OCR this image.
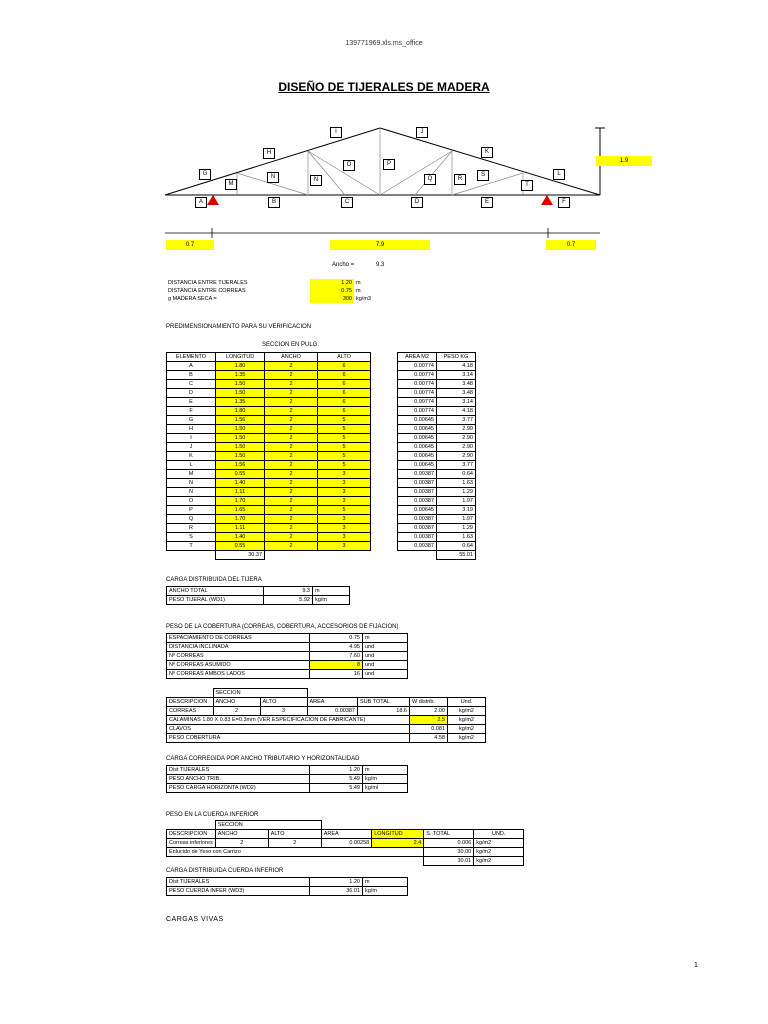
139771969.xls.ms_office
DISEÑO DE TIJERALES DE MADERA
I	J
H	K
O	P
G	L
M
N	N	Q	R
S
T
A	B	C	D	E	F
1.9
0.7	7.9	0.7
Ancho =	9.3
DISTANCIA ENTRE TIJERALES	1.20	m
DISTANCIA ENTRE CORREAS	0.75	m
g MADERA SECA =	300	kg/m3
PREDIMENSIONAMIENTO PARA SU VERIFICACION
SECCION EN PULG.
ELEMENTO	LONGITUD	ANCHO	ALTO		AREA M2	PESO KG
A	1.80	2	6		0.00774	4.18
B	1.35	2	6		0.00774	3.14
C	1.50	2	6		0.00774	3.48
D	1.50	2	6		0.00774	3.48
E	1.35	2	6		0.00774	3.14
F	1.80	2	6		0.00774	4.18
G	1.56	2	5		0.00645	3.77
H	1.50	2	5		0.00645	2.90
I	1.50	2	5		0.00645	2.90
J	1.50	2	5		0.00645	2.90
K	1.50	2	5		0.00645	2.90
L	1.56	2	5		0.00645	3.77
M	0.55	2	3		0.00387	0.64
N	1.40	2	3		0.00387	1.63
N	1.11	2	3		0.00387	1.29
O	1.70	2	3		0.00387	1.97
P	1.65	2	5		0.00645	3.19
Q	1.70	2	3		0.00387	1.97
R	1.11	2	3		0.00387	1.29
S	1.40	2	3		0.00387	1.63
T	0.55	2	3		0.00387	0.64
	30.37					55.01
CARGA DISTRIBUIDA DEL TIJERA
ANCHO TOTAL	9.3	m
PESO TIJERAL (WD1)	5.92	kg/m
PESO DE LA COBERTURA (CORREAS, COBERTURA, ACCESORIOS DE FIJACION)
ESPACIAMIENTO DE CORREAS	0.75	m
DISTANCIA INCLINADA	4.95	und
Nº CORREAS	7.60	und
Nº CORREAS ASUMIDO	8	und
Nº CORREAS AMBOS LADOS	16	und
	SECCION					
DESCRIPCION	ANCHO	ALTO	AREA	SUB TOTAL	W distrib.	Und.
CORREAS	2	3	0.00387	18.6	2.00	kg/m2
CALAMINAS 1.80 X 0.83 E=0.3mm (VER ESPECIFICACION DE FABRICANTE)					2.5	kg/m2
CLAVOS					0.081	kg/m2
PESO COBERTURA					4.58	kg/m2
CARGA CORREGIDA POR ANCHO TRIBUTARIO Y HORIZONTALIDAD
Dist TIJERALES	1.20	m
PESO ANCHO TRIB.	5.49	kg/m
PESO CARGA HORIZONTA (WD2)	5.49	kg/ml
PESO EN LA CUERDA INFERIOR
	SECCION					
DESCRIPCION	ANCHO	ALTO	AREA	LONGITUD	S. TOTAL	UND.
Correas inferiores	2	2	0.00258	2.4	0.006	kg/m2
Enlucido de Yeso con Carrizo					30.00	kg/m2
					30.01	kg/m2
CARGA DISTRIBUIDA CUERDA INFERIOR
Dist TIJERALES	1.20	m
PESO CUERDA INFER (WD3)	36.01	kg/m
CARGAS VIVAS
1
